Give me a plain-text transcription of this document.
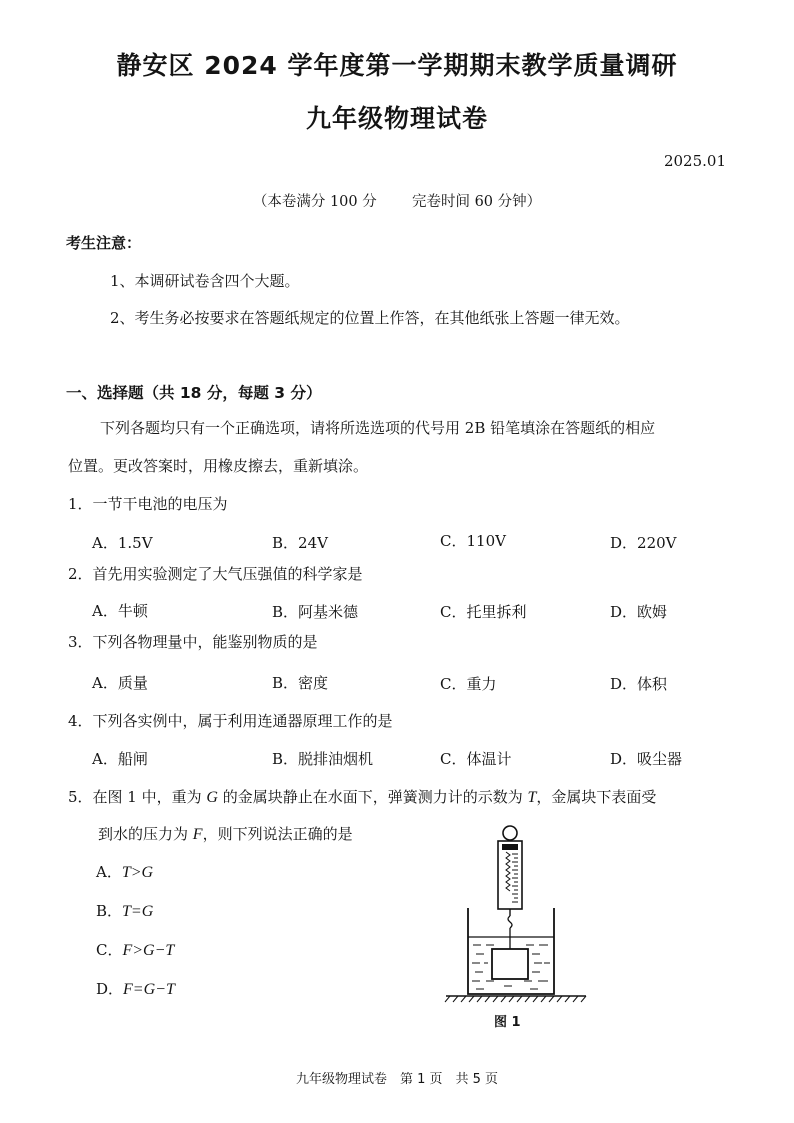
静安区 2024 学年度第一学期期末教学质量调研
九年级物理试卷
2025.01
（本卷满分 100 分 完卷时间 60 分钟）
考生注意：
1、本调研试卷含四个大题。
2、考生务必按要求在答题纸规定的位置上作答，在其他纸张上答题一律无效。
一、选择题（共 18 分，每题 3 分）
下列各题均只有一个正确选项，请将所选选项的代号用 2B 铅笔填涂在答题纸的相应
位置。更改答案时，用橡皮擦去，重新填涂。
1．一节干电池的电压为
A．1.5V	B．24V	C．110V	D．220V
2．首先用实验测定了大气压强值的科学家是
A．牛顿	B．阿基米德	C．托里拆利	D．欧姆
3．下列各物理量中，能鉴别物质的是
A．质量	B．密度	C．重力	D．体积
4．下列各实例中，属于利用连通器原理工作的是
A．船闸	B．脱排油烟机	C．体温计	D．吸尘器
5．在图 1 中，重为 G 的金属块静止在水面下，弹簧测力计的示数为 T，金属块下表面受
到水的压力为 F，则下列说法正确的是
A．T>G
B．T=G
C．F>G−T
D．F=G−T
图 1
九年级物理试卷　第 1 页　共 5 页
